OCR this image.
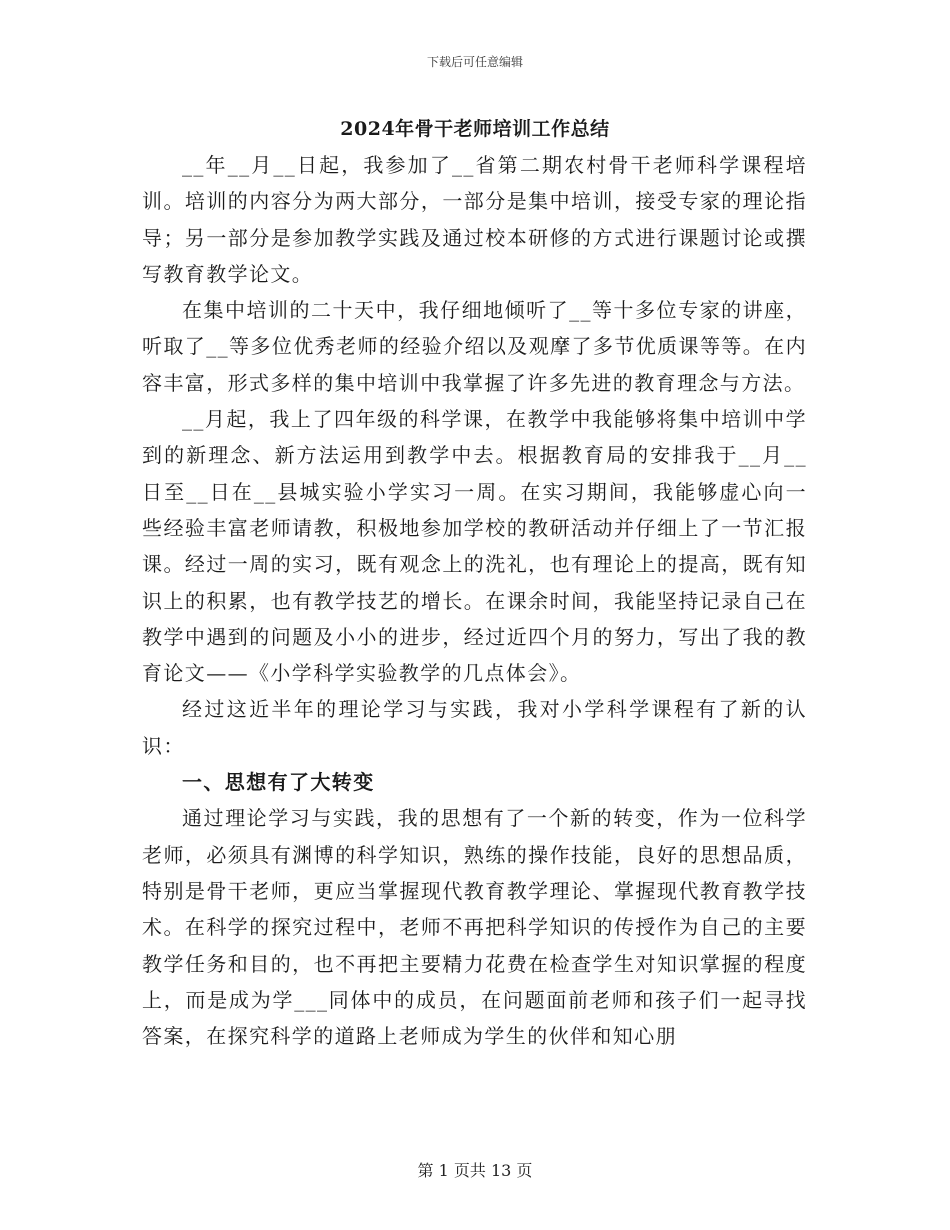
下载后可任意编辑
2024年骨干老师培训工作总结

__年__月__日起，我参加了__省第二期农村骨干老师科学课程培训。培训的内容分为两大部分，一部分是集中培训，接受专家的理论指导；另一部分是参加教学实践及通过校本研修的方式进行课题讨论或撰写教育教学论文。

在集中培训的二十天中，我仔细地倾听了__等十多位专家的讲座，听取了__等多位优秀老师的经验介绍以及观摩了多节优质课等等。在内容丰富，形式多样的集中培训中我掌握了许多先进的教育理念与方法。

__月起，我上了四年级的科学课，在教学中我能够将集中培训中学到的新理念、新方法运用到教学中去。根据教育局的安排我于__月__日至__日在__县城实验小学实习一周。在实习期间，我能够虚心向一些经验丰富老师请教，积极地参加学校的教研活动并仔细上了一节汇报课。经过一周的实习，既有观念上的洗礼，也有理论上的提高，既有知识上的积累，也有教学技艺的增长。在课余时间，我能坚持记录自己在教学中遇到的问题及小小的进步，经过近四个月的努力，写出了我的教育论文——《小学科学实验教学的几点体会》。

经过这近半年的理论学习与实践，我对小学科学课程有了新的认识：

一、思想有了大转变

通过理论学习与实践，我的思想有了一个新的转变，作为一位科学老师，必须具有渊博的科学知识，熟练的操作技能，良好的思想品质，特别是骨干老师，更应当掌握现代教育教学理论、掌握现代教育教学技术。在科学的探究过程中，老师不再把科学知识的传授作为自己的主要教学任务和目的，也不再把主要精力花费在检查学生对知识掌握的程度上，而是成为学___同体中的成员，在问题面前老师和孩子们一起寻找答案，在探究科学的道路上老师成为学生的伙伴和知心朋

第 1 页共 13 页
